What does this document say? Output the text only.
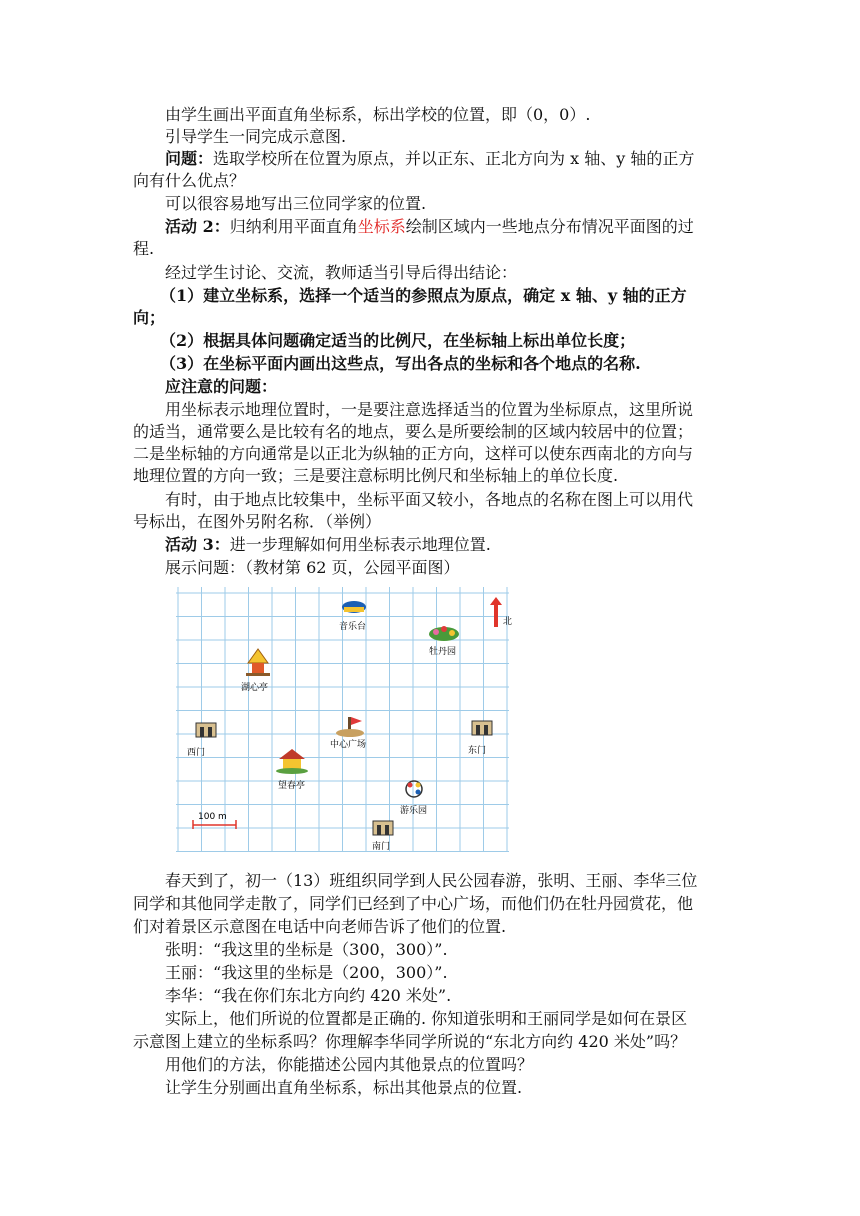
由学生画出平面直角坐标系，标出学校的位置，即（0，0）.
引导学生一同完成示意图.
问题：选取学校所在位置为原点，并以正东、正北方向为 x 轴、y 轴的正方
向有什么优点？
可以很容易地写出三位同学家的位置.
活动 2：归纳利用平面直角坐标系绘制区域内一些地点分布情况平面图的过
程.
经过学生讨论、交流，教师适当引导后得出结论：
（1）建立坐标系，选择一个适当的参照点为原点，确定 x 轴、y 轴的正方
向；
（2）根据具体问题确定适当的比例尺，在坐标轴上标出单位长度；
（3）在坐标平面内画出这些点，写出各点的坐标和各个地点的名称.
应注意的问题：
用坐标表示地理位置时，一是要注意选择适当的位置为坐标原点，这里所说
的适当，通常要么是比较有名的地点，要么是所要绘制的区域内较居中的位置；
二是坐标轴的方向通常是以正北为纵轴的正方向，这样可以使东西南北的方向与
地理位置的方向一致；三是要注意标明比例尺和坐标轴上的单位长度.
有时，由于地点比较集中，坐标平面又较小，各地点的名称在图上可以用代
号标出，在图外另附名称．（举例）
活动 3：进一步理解如何用坐标表示地理位置.
展示问题：（教材第 62 页，公园平面图）
北
音乐台
牡丹园
湖心亭
西门
中心广场
东门
望春亭
游乐园
南门
100 m
春天到了，初一（13）班组织同学到人民公园春游，张明、王丽、李华三位
同学和其他同学走散了，同学们已经到了中心广场，而他们仍在牡丹园赏花，他
们对着景区示意图在电话中向老师告诉了他们的位置.
张明：“我这里的坐标是（300，300）”.
王丽：“我这里的坐标是（200，300）”.
李华：“我在你们东北方向约 420 米处”.
实际上，他们所说的位置都是正确的. 你知道张明和王丽同学是如何在景区
示意图上建立的坐标系吗？你理解李华同学所说的“东北方向约 420 米处”吗？
用他们的方法，你能描述公园内其他景点的位置吗？
让学生分别画出直角坐标系，标出其他景点的位置.
